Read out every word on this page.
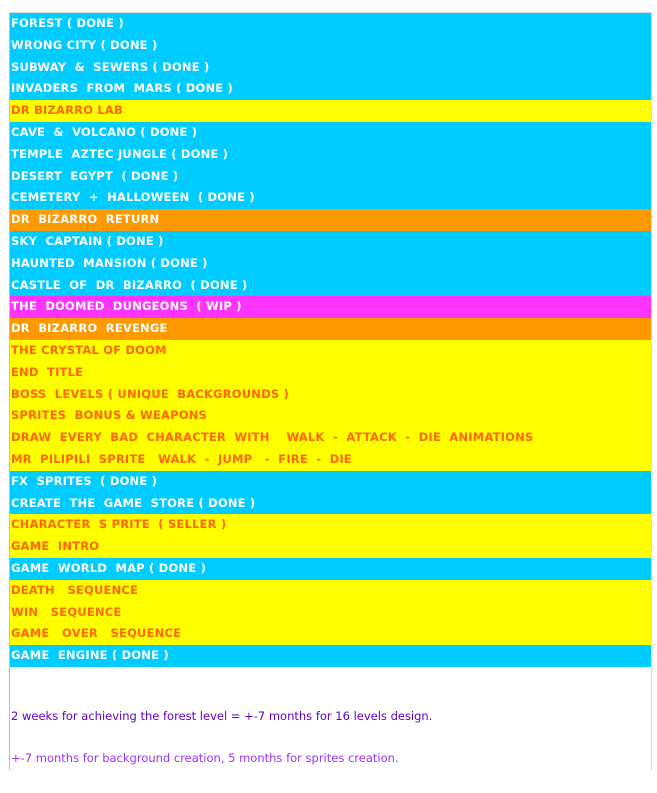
FOREST ( DONE )
WRONG CITY ( DONE )
SUBWAY  &  SEWERS ( DONE )
INVADERS  FROM  MARS ( DONE )
DR BIZARRO LAB
CAVE  &  VOLCANO ( DONE )
TEMPLE  AZTEC JUNGLE ( DONE )
DESERT  EGYPT  ( DONE )
CEMETERY  +  HALLOWEEN  ( DONE )
DR  BIZARRO  RETURN
SKY  CAPTAIN ( DONE )
HAUNTED  MANSION ( DONE )
CASTLE  OF  DR  BIZARRO  ( DONE )
THE  DOOMED  DUNGEONS  ( WIP )
DR  BIZARRO  REVENGE
THE CRYSTAL OF DOOM
END  TITLE
BOSS  LEVELS ( UNIQUE  BACKGROUNDS )
SPRITES  BONUS & WEAPONS
DRAW  EVERY  BAD  CHARACTER  WITH    WALK  -  ATTACK  -  DIE  ANIMATIONS
MR  PILIPILI  SPRITE   WALK  -  JUMP   -  FIRE  -  DIE
FX  SPRITES  ( DONE )
CREATE  THE  GAME  STORE ( DONE )
CHARACTER  S PRITE  ( SELLER )
GAME  INTRO
GAME  WORLD  MAP ( DONE )
DEATH   SEQUENCE
WIN   SEQUENCE
GAME   OVER   SEQUENCE
GAME  ENGINE ( DONE )

2 weeks for achieving the forest level = +-7 months for 16 levels design.

+-7 months for background creation, 5 months for sprites creation.
